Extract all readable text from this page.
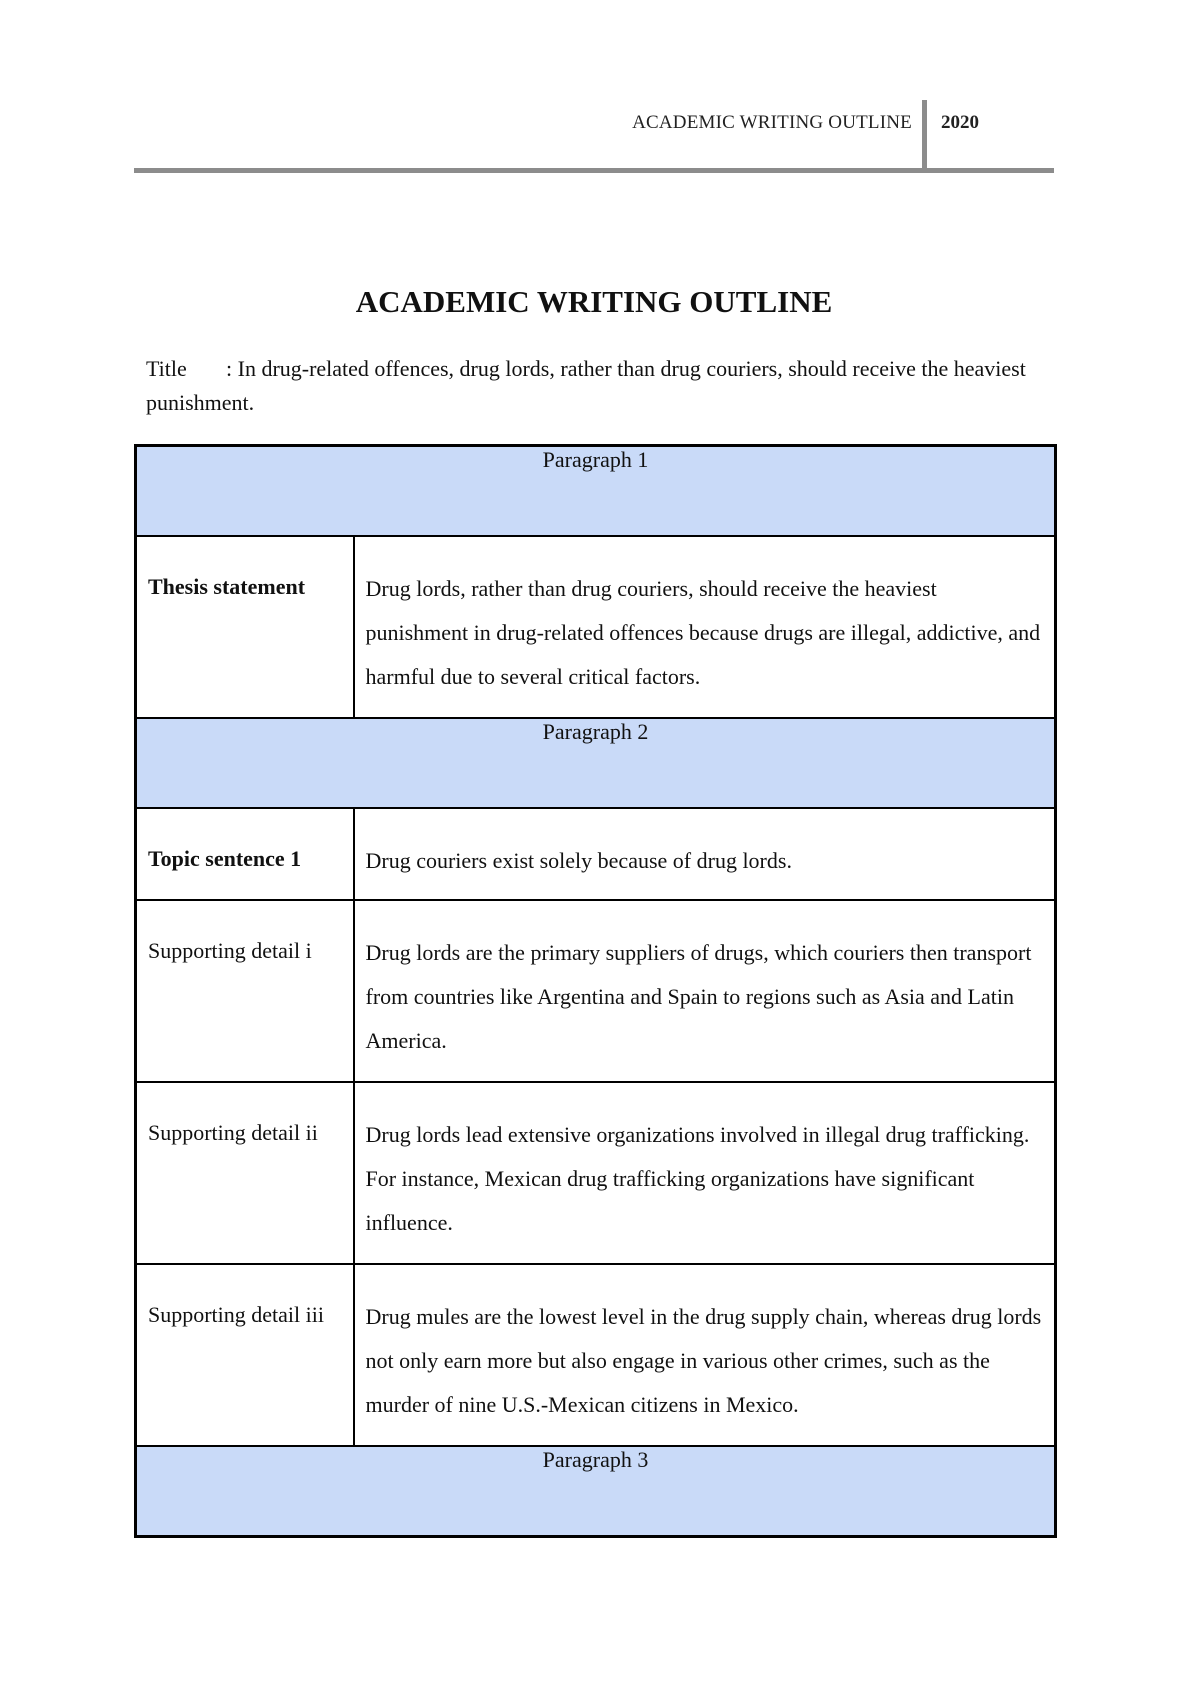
ACADEMIC WRITING OUTLINE 2020
ACADEMIC WRITING OUTLINE

Title : In drug-related offences, drug lords, rather than drug couriers, should receive the heaviest punishment.

Paragraph 1	

Thesis statement	Drug lords, rather than drug couriers, should receive the heaviest punishment in drug-related offences because drugs are illegal, addictive, and harmful due to several critical factors.
Paragraph 2	

Topic sentence 1	Drug couriers exist solely because of drug lords.

Supporting detail i	Drug lords are the primary suppliers of drugs, which couriers then transport from countries like Argentina and Spain to regions such as Asia and Latin America.

Supporting detail ii	Drug lords lead extensive organizations involved in illegal drug trafficking. For instance, Mexican drug trafficking organizations have significant influence.

Supporting detail iii	Drug mules are the lowest level in the drug supply chain, whereas drug lords not only earn more but also engage in various other crimes, such as the murder of nine U.S.-Mexican citizens in Mexico.
Paragraph 3	
